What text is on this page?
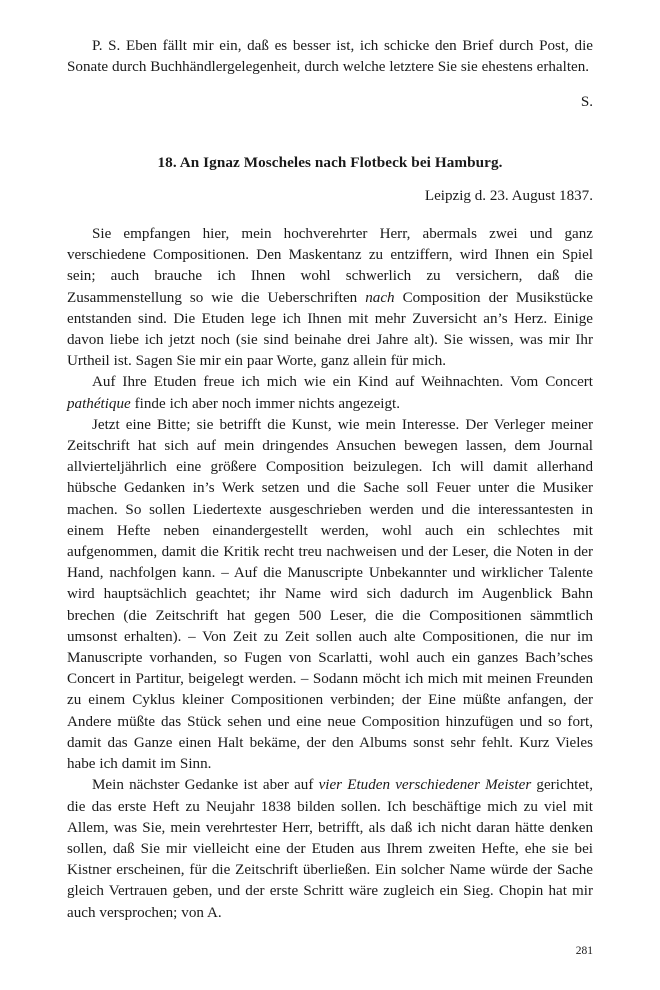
P. S. Eben fällt mir ein, daß es besser ist, ich schicke den Brief durch Post, die Sonate durch Buchhändlergelegenheit, durch welche letztere Sie sie ehestens erhalten.

S.

18. An Ignaz Moscheles nach Flotbeck bei Hamburg.

Leipzig d. 23. August 1837.

Sie empfangen hier, mein hochverehrter Herr, abermals zwei und ganz verschiedene Compositionen. Den Maskentanz zu entziffern, wird Ihnen ein Spiel sein; auch brauche ich Ihnen wohl schwerlich zu versichern, daß die Zusammenstellung so wie die Ueberschriften nach Composition der Musikstücke entstanden sind. Die Etuden lege ich Ihnen mit mehr Zuversicht an’s Herz. Einige davon liebe ich jetzt noch (sie sind beinahe drei Jahre alt). Sie wissen, was mir Ihr Urtheil ist. Sagen Sie mir ein paar Worte, ganz allein für mich.

Auf Ihre Etuden freue ich mich wie ein Kind auf Weihnachten. Vom Concert pathétique finde ich aber noch immer nichts angezeigt.

Jetzt eine Bitte; sie betrifft die Kunst, wie mein Interesse. Der Verleger meiner Zeitschrift hat sich auf mein dringendes Ansuchen bewegen lassen, dem Journal allvierteljährlich eine größere Composition beizulegen. Ich will damit allerhand hübsche Gedanken in’s Werk setzen und die Sache soll Feuer unter die Musiker machen. So sollen Liedertexte ausgeschrieben werden und die interessantesten in einem Hefte neben einandergestellt werden, wohl auch ein schlechtes mit aufgenommen, damit die Kritik recht treu nachweisen und der Leser, die Noten in der Hand, nachfolgen kann. – Auf die Manuscripte Unbekannter und wirklicher Talente wird hauptsächlich geachtet; ihr Name wird sich dadurch im Augenblick Bahn brechen (die Zeitschrift hat gegen 500 Leser, die die Compositionen sämmtlich umsonst erhalten). – Von Zeit zu Zeit sollen auch alte Compositionen, die nur im Manuscripte vorhanden, so Fugen von Scarlatti, wohl auch ein ganzes Bach’sches Concert in Partitur, beigelegt werden. – Sodann möcht ich mich mit meinen Freunden zu einem Cyklus kleiner Compositionen verbinden; der Eine müßte anfangen, der Andere müßte das Stück sehen und eine neue Composition hinzufügen und so fort, damit das Ganze einen Halt bekäme, der den Albums sonst sehr fehlt. Kurz Vieles habe ich damit im Sinn.

Mein nächster Gedanke ist aber auf vier Etuden verschiedener Meister gerichtet, die das erste Heft zu Neujahr 1838 bilden sollen. Ich beschäftige mich zu viel mit Allem, was Sie, mein verehrtester Herr, betrifft, als daß ich nicht daran hätte denken sollen, daß Sie mir vielleicht eine der Etuden aus Ihrem zweiten Hefte, ehe sie bei Kistner erscheinen, für die Zeitschrift überließen. Ein solcher Name würde der Sache gleich Vertrauen geben, und der erste Schritt wäre zugleich ein Sieg. Chopin hat mir auch versprochen; von A.

281
